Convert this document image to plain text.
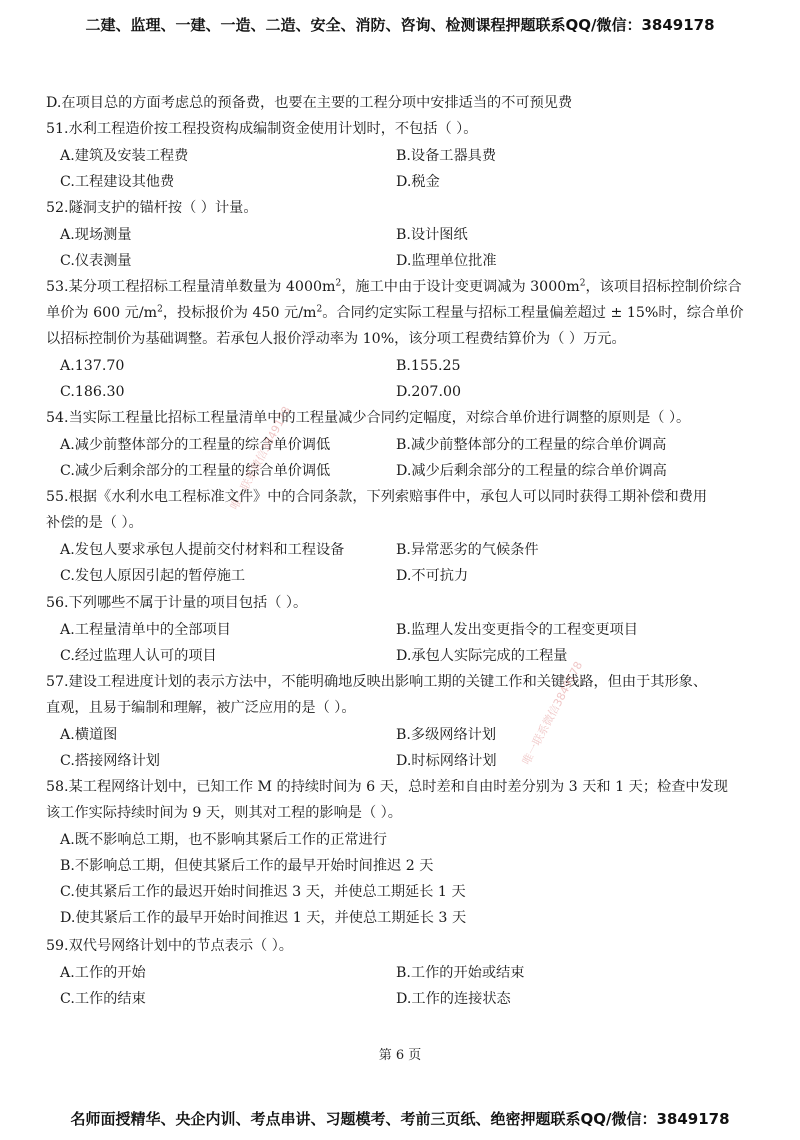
二建、监理、一建、一造、二造、安全、消防、咨询、检测课程押题联系QQ/微信：3849178
D.在项目总的方面考虑总的预备费，也要在主要的工程分项中安排适当的不可预见费
51.水利工程造价按工程投资构成编制资金使用计划时，不包括（ ）。
A.建筑及安装工程费	B.设备工器具费
C.工程建设其他费	D.税金
52.隧洞支护的锚杆按（ ）计量。
A.现场测量	B.设计图纸
C.仪表测量	D.监理单位批准
53.某分项工程招标工程量清单数量为 $4000m^2$，施工中由于设计变更调减为 $3000m^2$，该项目招标控制价综合
单价为 600 元$/m^2$，投标报价为 450 元$/m^2$。合同约定实际工程量与招标工程量偏差超过 ± 15%时，综合单价
以招标控制价为基础调整。若承包人报价浮动率为 10%，该分项工程费结算价为（ ）万元。
A.137.70	B.155.25
C.186.30	D.207.00
54.当实际工程量比招标工程量清单中的工程量减少合同约定幅度，对综合单价进行调整的原则是（ ）。
A.减少前整体部分的工程量的综合单价调低	B.减少前整体部分的工程量的综合单价调高
C.减少后剩余部分的工程量的综合单价调低	D.减少后剩余部分的工程量的综合单价调高
55.根据《水利水电工程标准文件》中的合同条款，下列索赔事件中，承包人可以同时获得工期补偿和费用
补偿的是（ ）。
A.发包人要求承包人提前交付材料和工程设备	B.异常恶劣的气候条件
C.发包人原因引起的暂停施工	D.不可抗力
56.下列哪些不属于计量的项目包括（ ）。
A.工程量清单中的全部项目	B.监理人发出变更指令的工程变更项目
C.经过监理人认可的项目	D.承包人实际完成的工程量
57.建设工程进度计划的表示方法中，不能明确地反映出影响工期的关键工作和关键线路，但由于其形象、
直观，且易于编制和理解，被广泛应用的是（ ）。
A.横道图	B.多级网络计划
C.搭接网络计划	D.时标网络计划
58.某工程网络计划中，已知工作 M 的持续时间为 6 天，总时差和自由时差分别为 3 天和 1 天；检查中发现
该工作实际持续时间为 9 天，则其对工程的影响是（ ）。
A.既不影响总工期，也不影响其紧后工作的正常进行
B.不影响总工期，但使其紧后工作的最早开始时间推迟 2 天
C.使其紧后工作的最迟开始时间推迟 3 天，并使总工期延长 1 天
D.使其紧后工作的最早开始时间推迟 1 天，并使总工期延长 3 天
59.双代号网络计划中的节点表示（ ）。
A.工作的开始	B.工作的开始或结束
C.工作的结束	D.工作的连接状态
唯一联系微信3849178
唯一联系微信3849178
第 6 页
名师面授精华、央企内训、考点串讲、习题模考、考前三页纸、绝密押题联系QQ/微信：3849178
